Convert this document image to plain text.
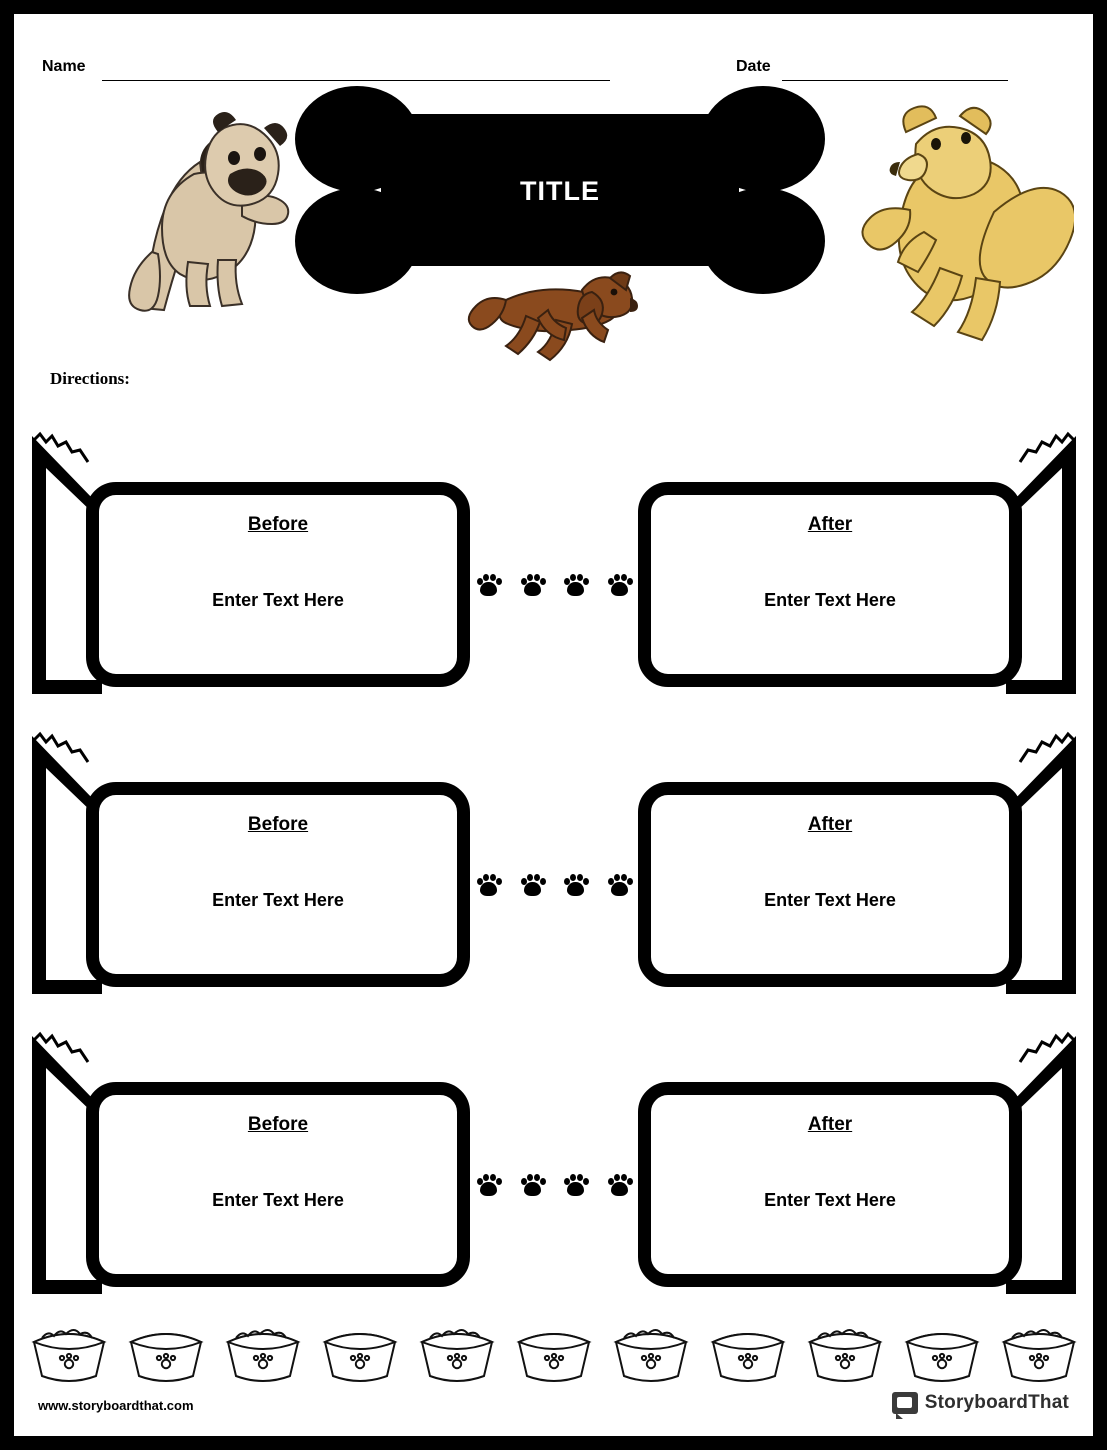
Name	Date
TITLE
Directions:
Before
Enter Text Here
After
Enter Text Here
Before
Enter Text Here
After
Enter Text Here
Before
Enter Text Here
After
Enter Text Here
www.storyboardthat.com	StoryboardThat
